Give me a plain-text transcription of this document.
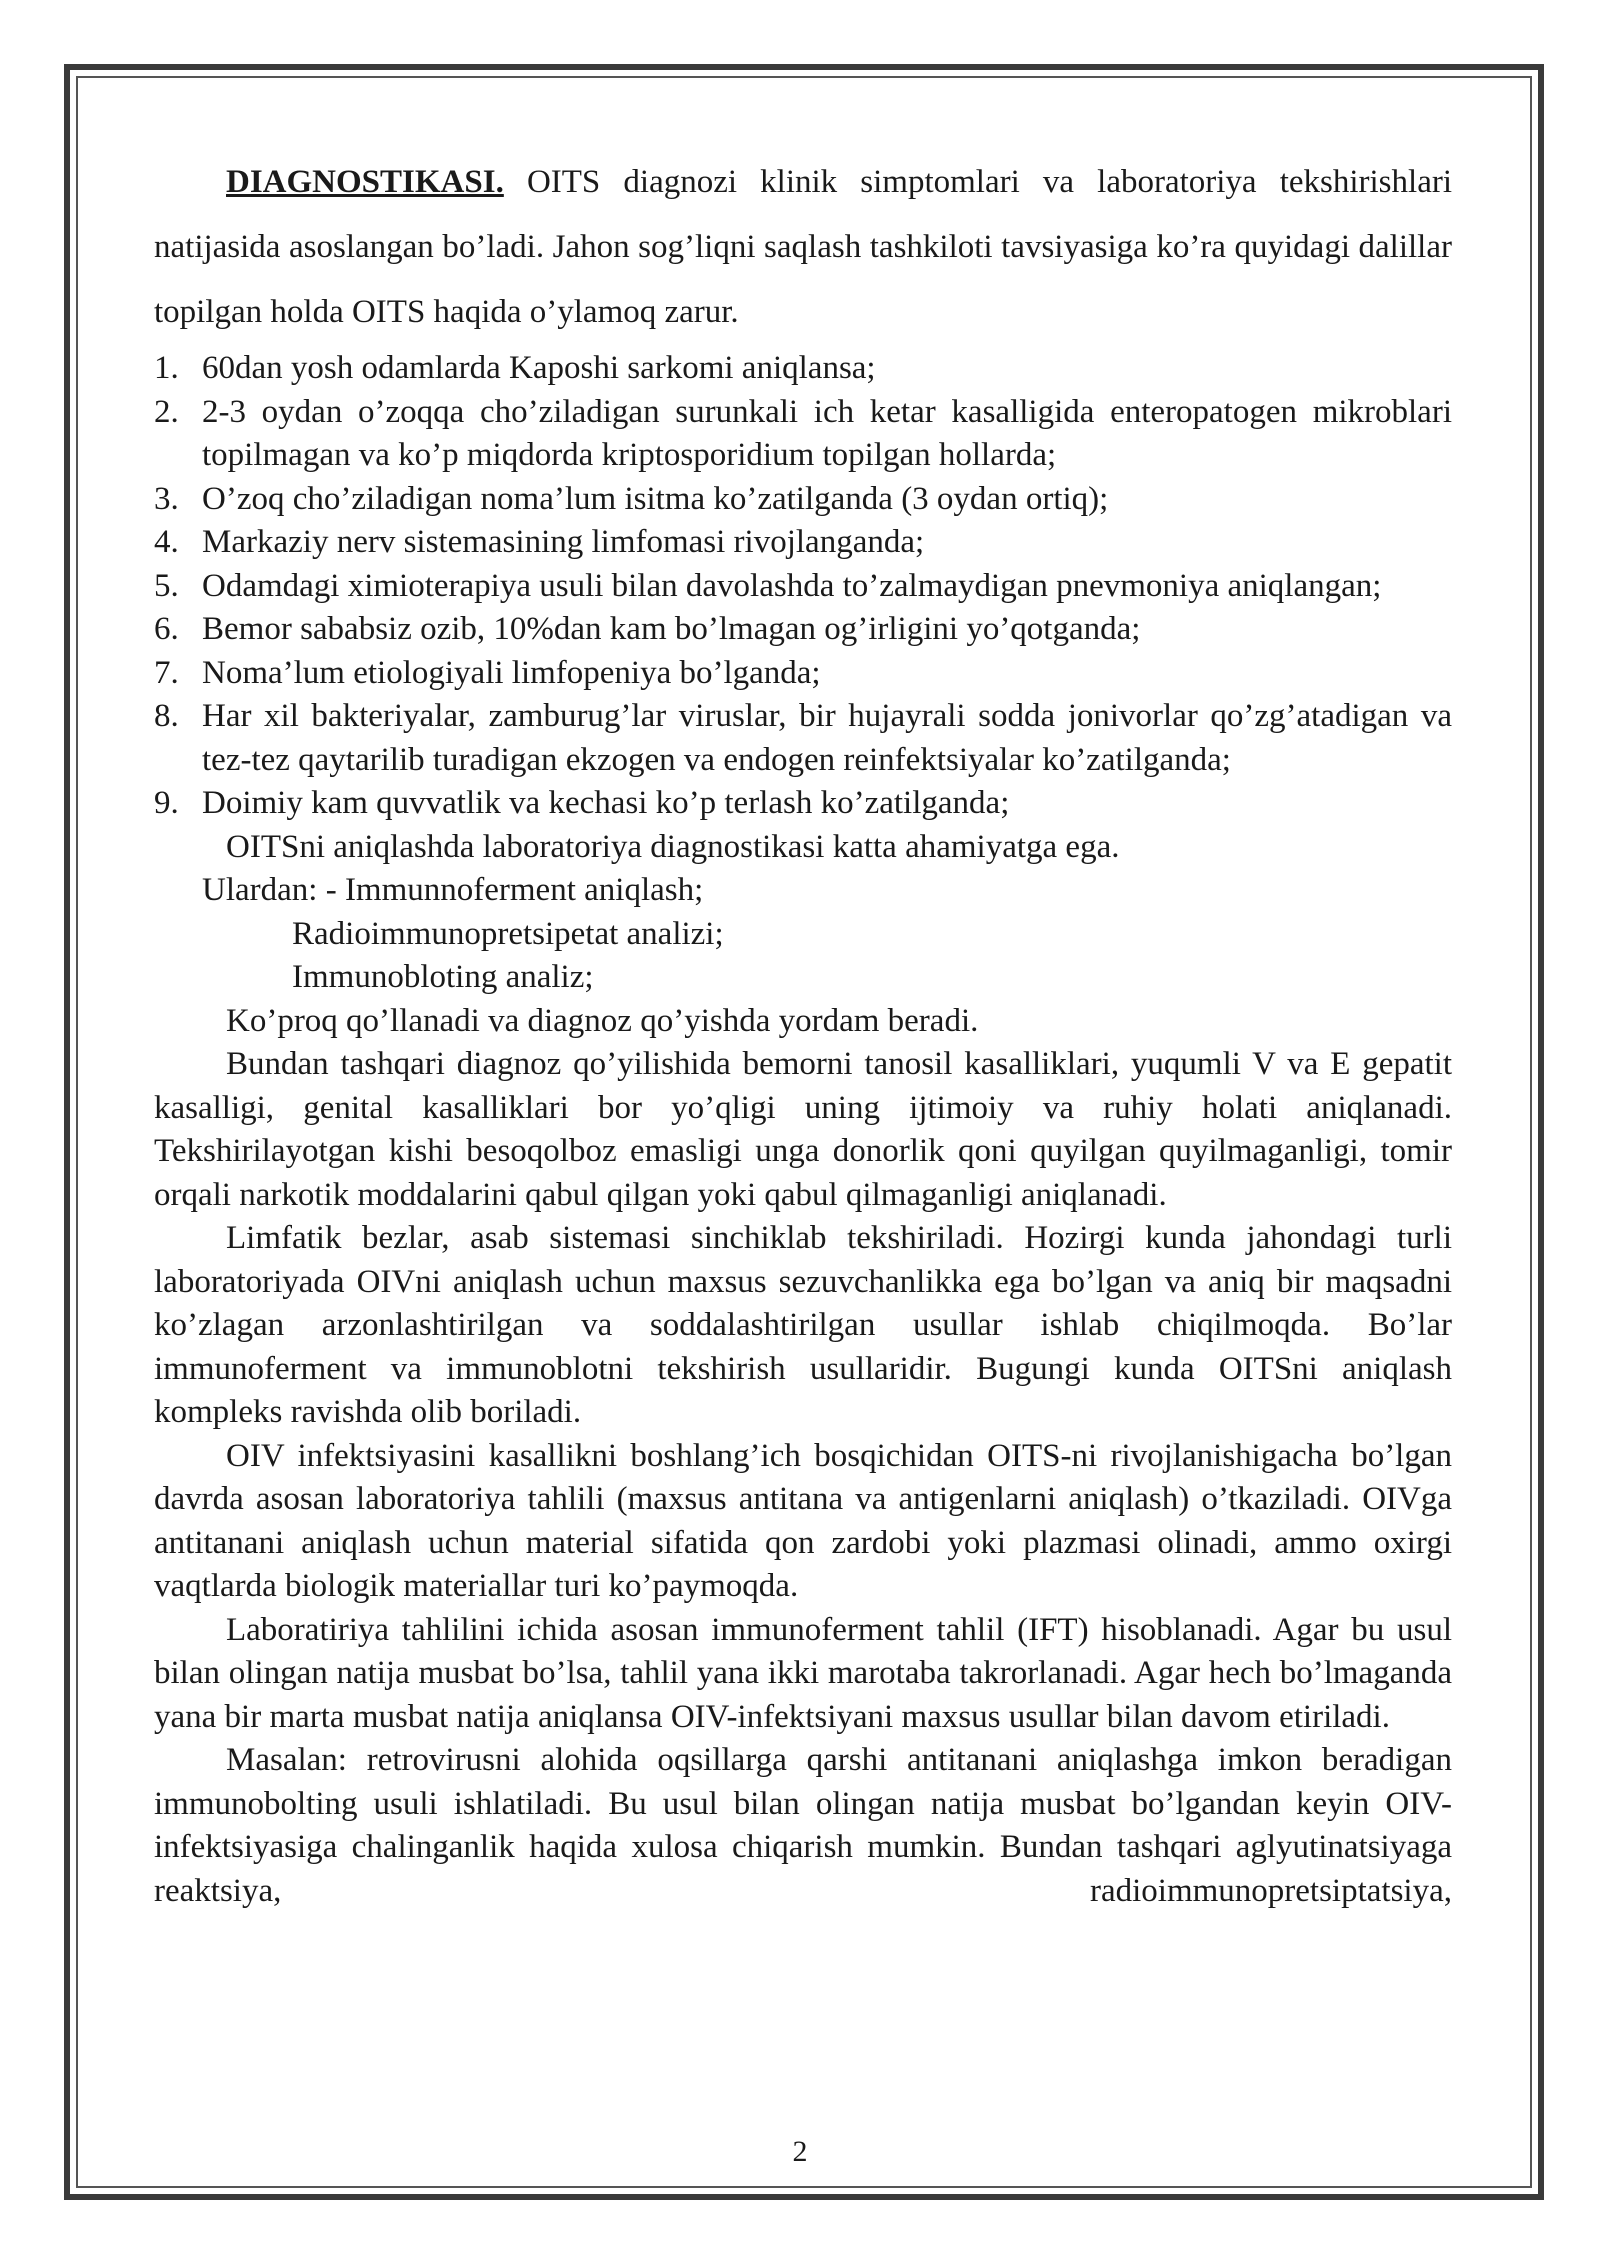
DIAGNOSTIKASI. OITS diagnozi klinik simptomlari va laboratoriya tekshirishlari natijasida asoslangan bo’ladi. Jahon sog’liqni saqlash tashkiloti tavsiyasiga ko’ra quyidagi dalillar topilgan holda OITS haqida o’ylamoq zarur.

1. 60dan yosh odamlarda Kaposhi sarkomi aniqlansa;
2. 2-3 oydan o’zoqqa cho’ziladigan surunkali ich ketar kasalligida enteropatogen mikroblari topilmagan va ko’p miqdorda kriptosporidium topilgan hollarda;
3. O’zoq cho’ziladigan noma’lum isitma ko’zatilganda (3 oydan ortiq);
4. Markaziy nerv sistemasining limfomasi rivojlanganda;
5. Odamdagi ximioterapiya usuli bilan davolashda to’zalmaydigan pnevmoniya aniqlangan;
6. Bemor sababsiz ozib, 10%dan kam bo’lmagan og’irligini yo’qotganda;
7. Noma’lum etiologiyali limfopeniya bo’lganda;
8. Har xil bakteriyalar, zamburug’lar viruslar, bir hujayrali sodda jonivorlar qo’zg’atadigan va tez-tez qaytarilib turadigan ekzogen va endogen reinfektsiyalar ko’zatilganda;
9. Doimiy kam quvvatlik va kechasi ko’p terlash ko’zatilganda;

OITSni aniqlashda laboratoriya diagnostikasi katta ahamiyatga ega.

Ulardan: - Immunnoferment aniqlash;

Radioimmunopretsipetat analizi;

Immunobloting analiz;

Ko’proq qo’llanadi va diagnoz qo’yishda yordam beradi.

Bundan tashqari diagnoz qo’yilishida bemorni tanosil kasalliklari, yuqumli V va E gepatit kasalligi, genital kasalliklari bor yo’qligi uning ijtimoiy va ruhiy holati aniqlanadi. Tekshirilayotgan kishi besoqolboz emasligi unga donorlik qoni quyilgan quyilmaganligi, tomir orqali narkotik moddalarini qabul qilgan yoki qabul qilmaganligi aniqlanadi.

Limfatik bezlar, asab sistemasi sinchiklab tekshiriladi. Hozirgi kunda jahondagi turli laboratoriyada OIVni aniqlash uchun maxsus sezuvchanlikka ega bo’lgan va aniq bir maqsadni ko’zlagan arzonlashtirilgan va soddalashtirilgan usullar ishlab chiqilmoqda. Bo’lar immunoferment va immunoblotni tekshirish usullaridir. Bugungi kunda OITSni aniqlash kompleks ravishda olib boriladi.

OIV infektsiyasini kasallikni boshlang’ich bosqichidan OITS-ni rivojlanishigacha bo’lgan davrda asosan laboratoriya tahlili (maxsus antitana va antigenlarni aniqlash) o’tkaziladi. OIVga antitanani aniqlash uchun material sifatida qon zardobi yoki plazmasi olinadi, ammo oxirgi vaqtlarda biologik materiallar turi ko’paymoqda.

Laboratiriya tahlilini ichida asosan immunoferment tahlil (IFT) hisoblanadi. Agar bu usul bilan olingan natija musbat bo’lsa, tahlil yana ikki marotaba takrorlanadi. Agar hech bo’lmaganda yana bir marta musbat natija aniqlansa OIV-infektsiyani maxsus usullar bilan davom etiriladi.

Masalan: retrovirusni alohida oqsillarga qarshi antitanani aniqlashga imkon beradigan immunobolting usuli ishlatiladi. Bu usul bilan olingan natija musbat bo’lgandan keyin OIV-infektsiyasiga chalinganlik haqida xulosa chiqarish mumkin. Bundan tashqari aglyutinatsiyaga reaktsiya, radioimmunopretsiptatsiya,

2
